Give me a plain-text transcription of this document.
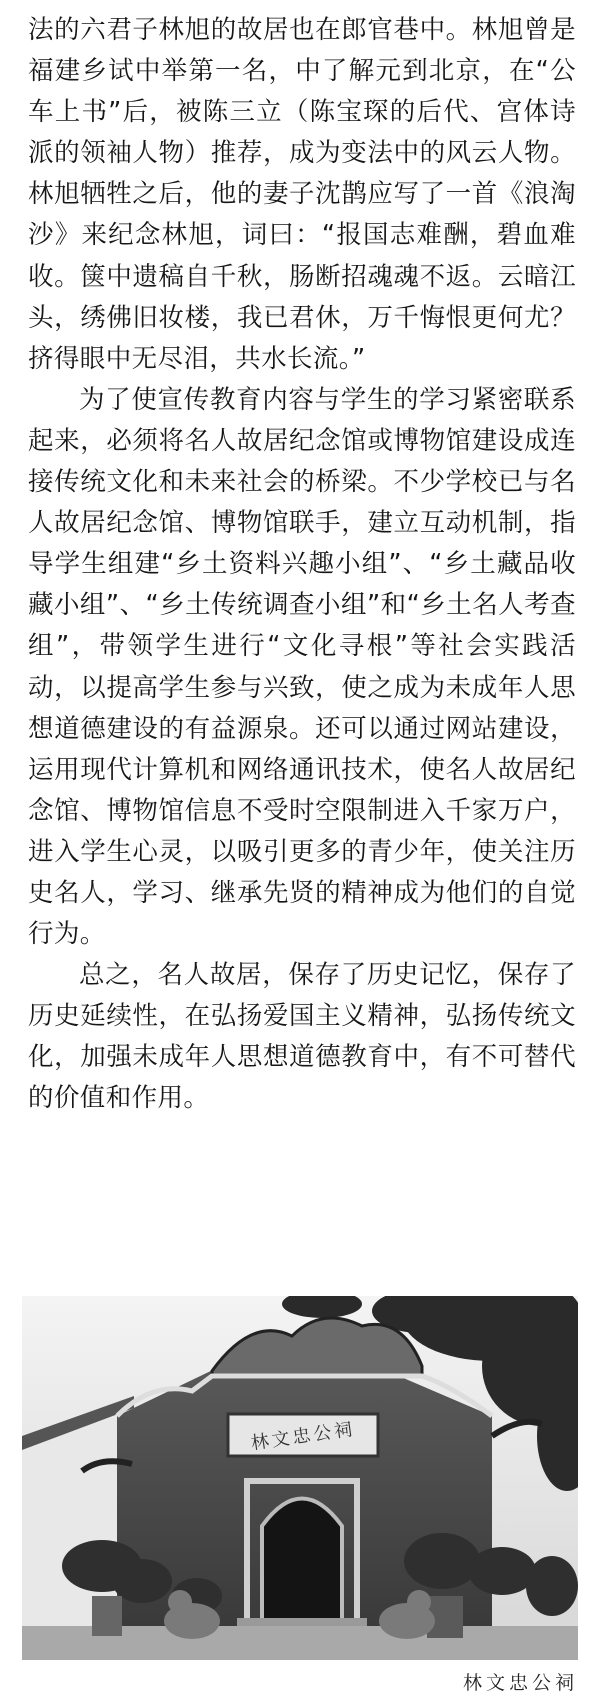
法的六君子林旭的故居也在郎官巷中。林旭曾是福建乡试中举第一名，中了解元到北京，在“公车上书”后，被陈三立（陈宝琛的后代、宫体诗派的领袖人物）推荐，成为变法中的风云人物。林旭牺牲之后，他的妻子沈鹊应写了一首《浪淘沙》来纪念林旭，词曰：“报国志难酬，碧血难收。箧中遗稿自千秋，肠断招魂魂不返。云暗江头，绣佛旧妆楼，我已君休，万千悔恨更何尤？挤得眼中无尽泪，共水长流。”

为了使宣传教育内容与学生的学习紧密联系起来，必须将名人故居纪念馆或博物馆建设成连接传统文化和未来社会的桥梁。不少学校已与名人故居纪念馆、博物馆联手，建立互动机制，指导学生组建“乡土资料兴趣小组”、“乡土藏品收藏小组”、“乡土传统调查小组”和“乡土名人考查组”，带领学生进行“文化寻根”等社会实践活动，以提高学生参与兴致，使之成为未成年人思想道德建设的有益源泉。还可以通过网站建设，运用现代计算机和网络通讯技术，使名人故居纪念馆、博物馆信息不受时空限制进入千家万户，进入学生心灵，以吸引更多的青少年，使关注历史名人，学习、继承先贤的精神成为他们的自觉行为。

总之，名人故居，保存了历史记忆，保存了历史延续性，在弘扬爱国主义精神，弘扬传统文化，加强未成年人思想道德教育中，有不可替代的价值和作用。

林文忠公祠
林文忠公祠
